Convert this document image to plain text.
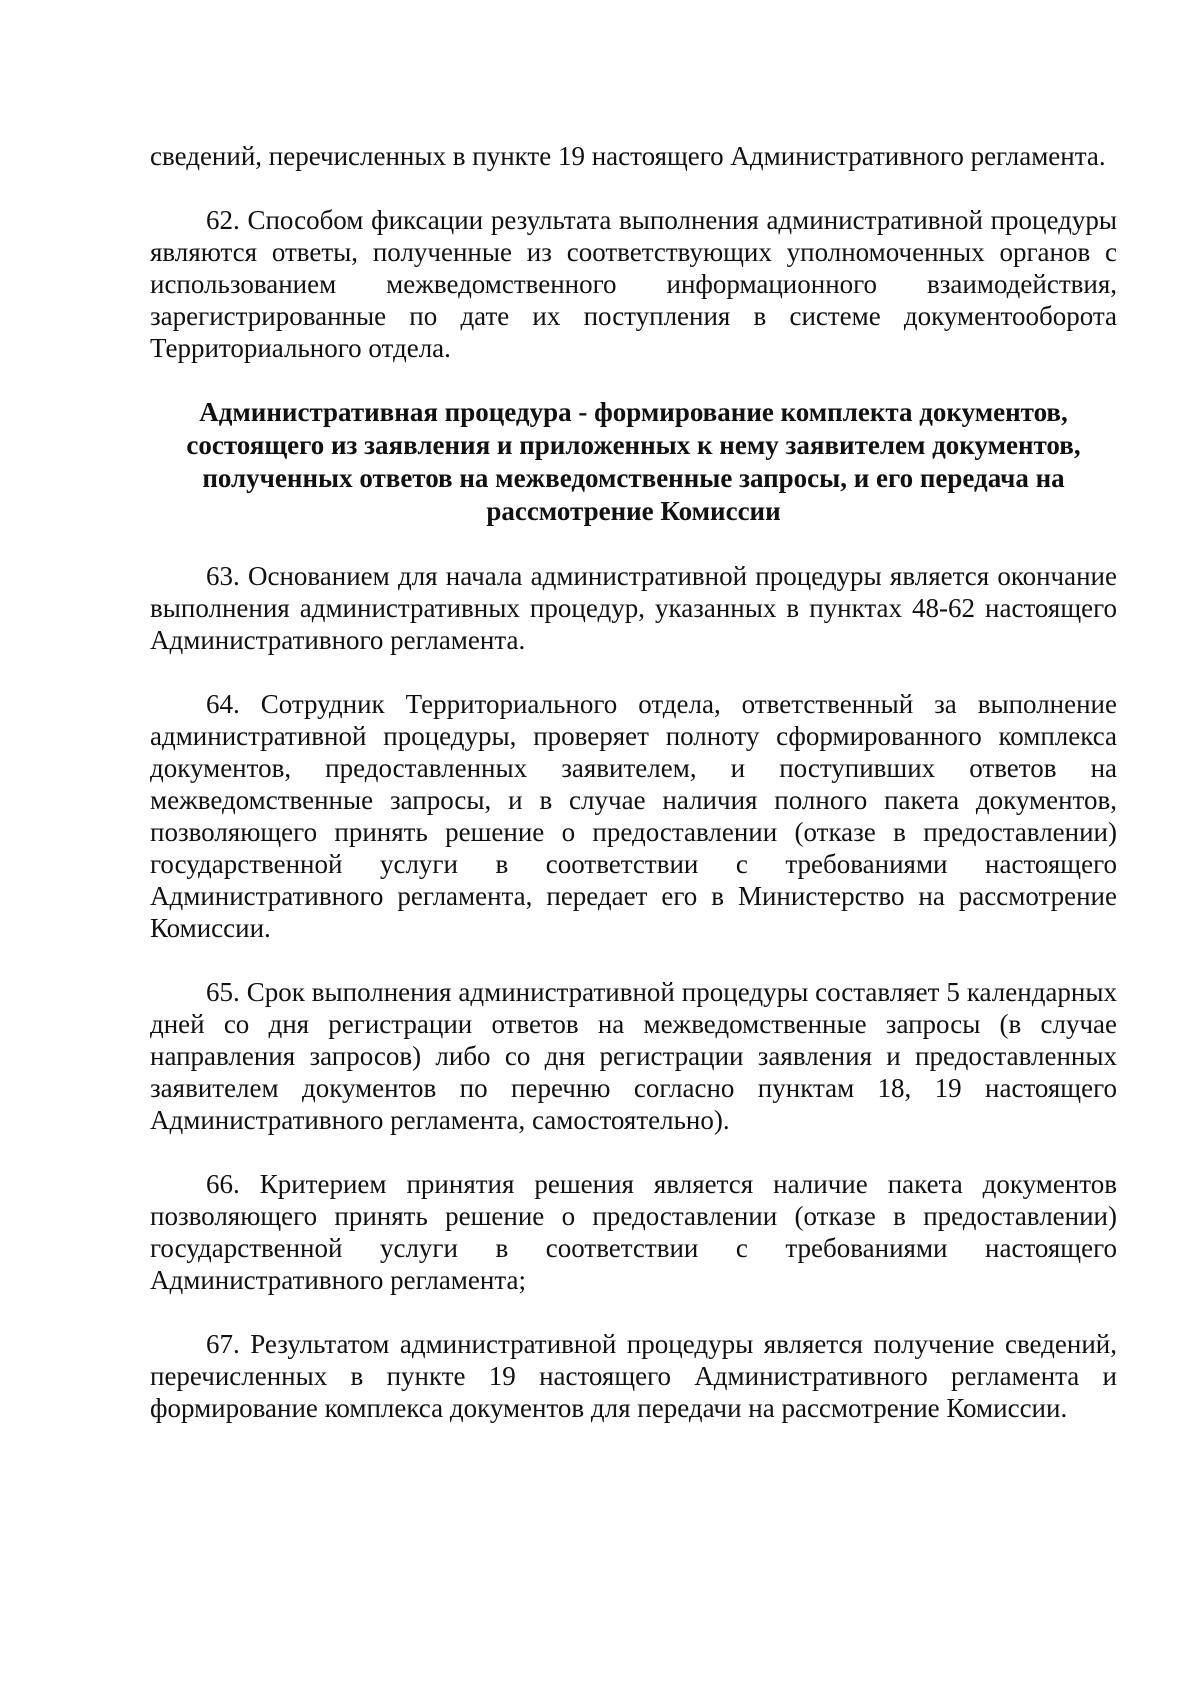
сведений, перечисленных в пункте 19 настоящего Административного регламента.

62. Способом фиксации результата выполнения административной процедуры являются ответы, полученные из соответствующих уполномоченных органов с использованием межведомственного информационного взаимодействия, зарегистрированные по дате их поступления в системе документооборота Территориального отдела.

Административная процедура - формирование комплекта документов, состоящего из заявления и приложенных к нему заявителем документов, полученных ответов на межведомственные запросы, и его передача на рассмотрение Комиссии

63. Основанием для начала административной процедуры является окончание выполнения административных процедур, указанных в пунктах 48-62 настоящего Административного регламента.

64. Сотрудник Территориального отдела, ответственный за выполнение административной процедуры, проверяет полноту сформированного комплекса документов, предоставленных заявителем, и поступивших ответов на межведомственные запросы, и в случае наличия полного пакета документов, позволяющего принять решение о предоставлении (отказе в предоставлении) государственной услуги в соответствии с требованиями настоящего Административного регламента, передает его в Министерство на рассмотрение Комиссии.

65. Срок выполнения административной процедуры составляет 5 календарных дней со дня регистрации ответов на межведомственные запросы (в случае направления запросов) либо со дня регистрации заявления и предоставленных заявителем документов по перечню согласно пунктам 18, 19 настоящего Административного регламента, самостоятельно).

66. Критерием принятия решения является наличие пакета документов позволяющего принять решение о предоставлении (отказе в предоставлении) государственной услуги в соответствии с требованиями настоящего Административного регламента;

67. Результатом административной процедуры является получение сведений, перечисленных в пункте 19 настоящего Административного регламента и формирование комплекса документов для передачи на рассмотрение Комиссии.
